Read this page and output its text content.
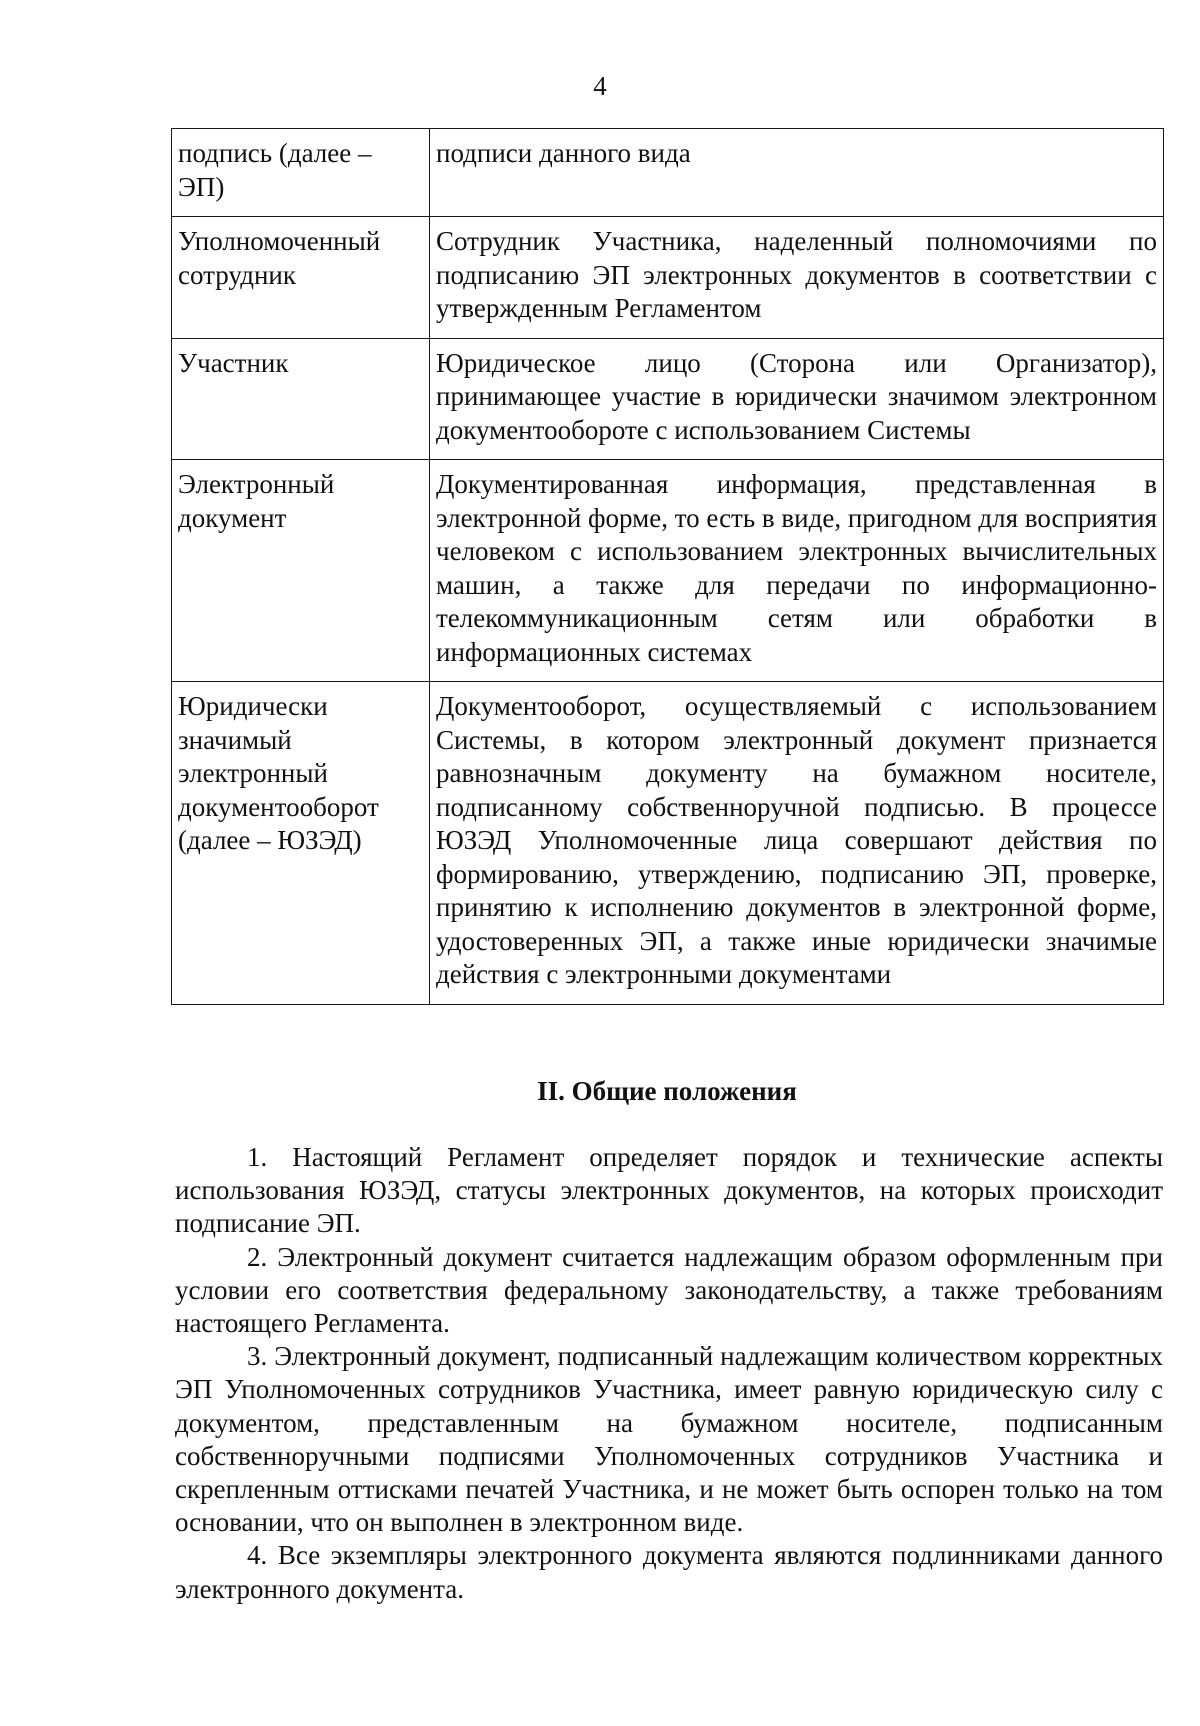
4
подпись (далее – ЭП)	подписи данного вида
Уполномоченный сотрудник	Сотрудник Участника, наделенный полномочиями по подписанию ЭП электронных документов в соответствии с утвержденным Регламентом
Участник	Юридическое лицо (Сторона или Организатор), принимающее участие в юридически значимом электронном документообороте с использованием Системы
Электронный документ	Документированная информация, представленная в электронной форме, то есть в виде, пригодном для восприятия человеком с использованием электронных вычислительных машин, а также для передачи по информационно-телекоммуникационным сетям или обработки в информационных системах
Юридически значимый электронный документооборот (далее – ЮЗЭД)	Документооборот, осуществляемый с использованием Системы, в котором электронный документ признается равнозначным документу на бумажном носителе, подписанному собственноручной подписью. В процессе ЮЗЭД Уполномоченные лица совершают действия по формированию, утверждению, подписанию ЭП, проверке, принятию к исполнению документов в электронной форме, удостоверенных ЭП, а также иные юридически значимые действия с электронными документами
II. Общие положения

1. Настоящий Регламент определяет порядок и технические аспекты использования ЮЗЭД, статусы электронных документов, на которых происходит подписание ЭП.

2. Электронный документ считается надлежащим образом оформленным при условии его соответствия федеральному законодательству, а также требованиям настоящего Регламента.

3. Электронный документ, подписанный надлежащим количеством корректных ЭП Уполномоченных сотрудников Участника, имеет равную юридическую силу с документом, представленным на бумажном носителе, подписанным собственноручными подписями Уполномоченных сотрудников Участника и скрепленным оттисками печатей Участника, и не может быть оспорен только на том основании, что он выполнен в электронном виде.

4. Все экземпляры электронного документа являются подлинниками данного электронного документа.
